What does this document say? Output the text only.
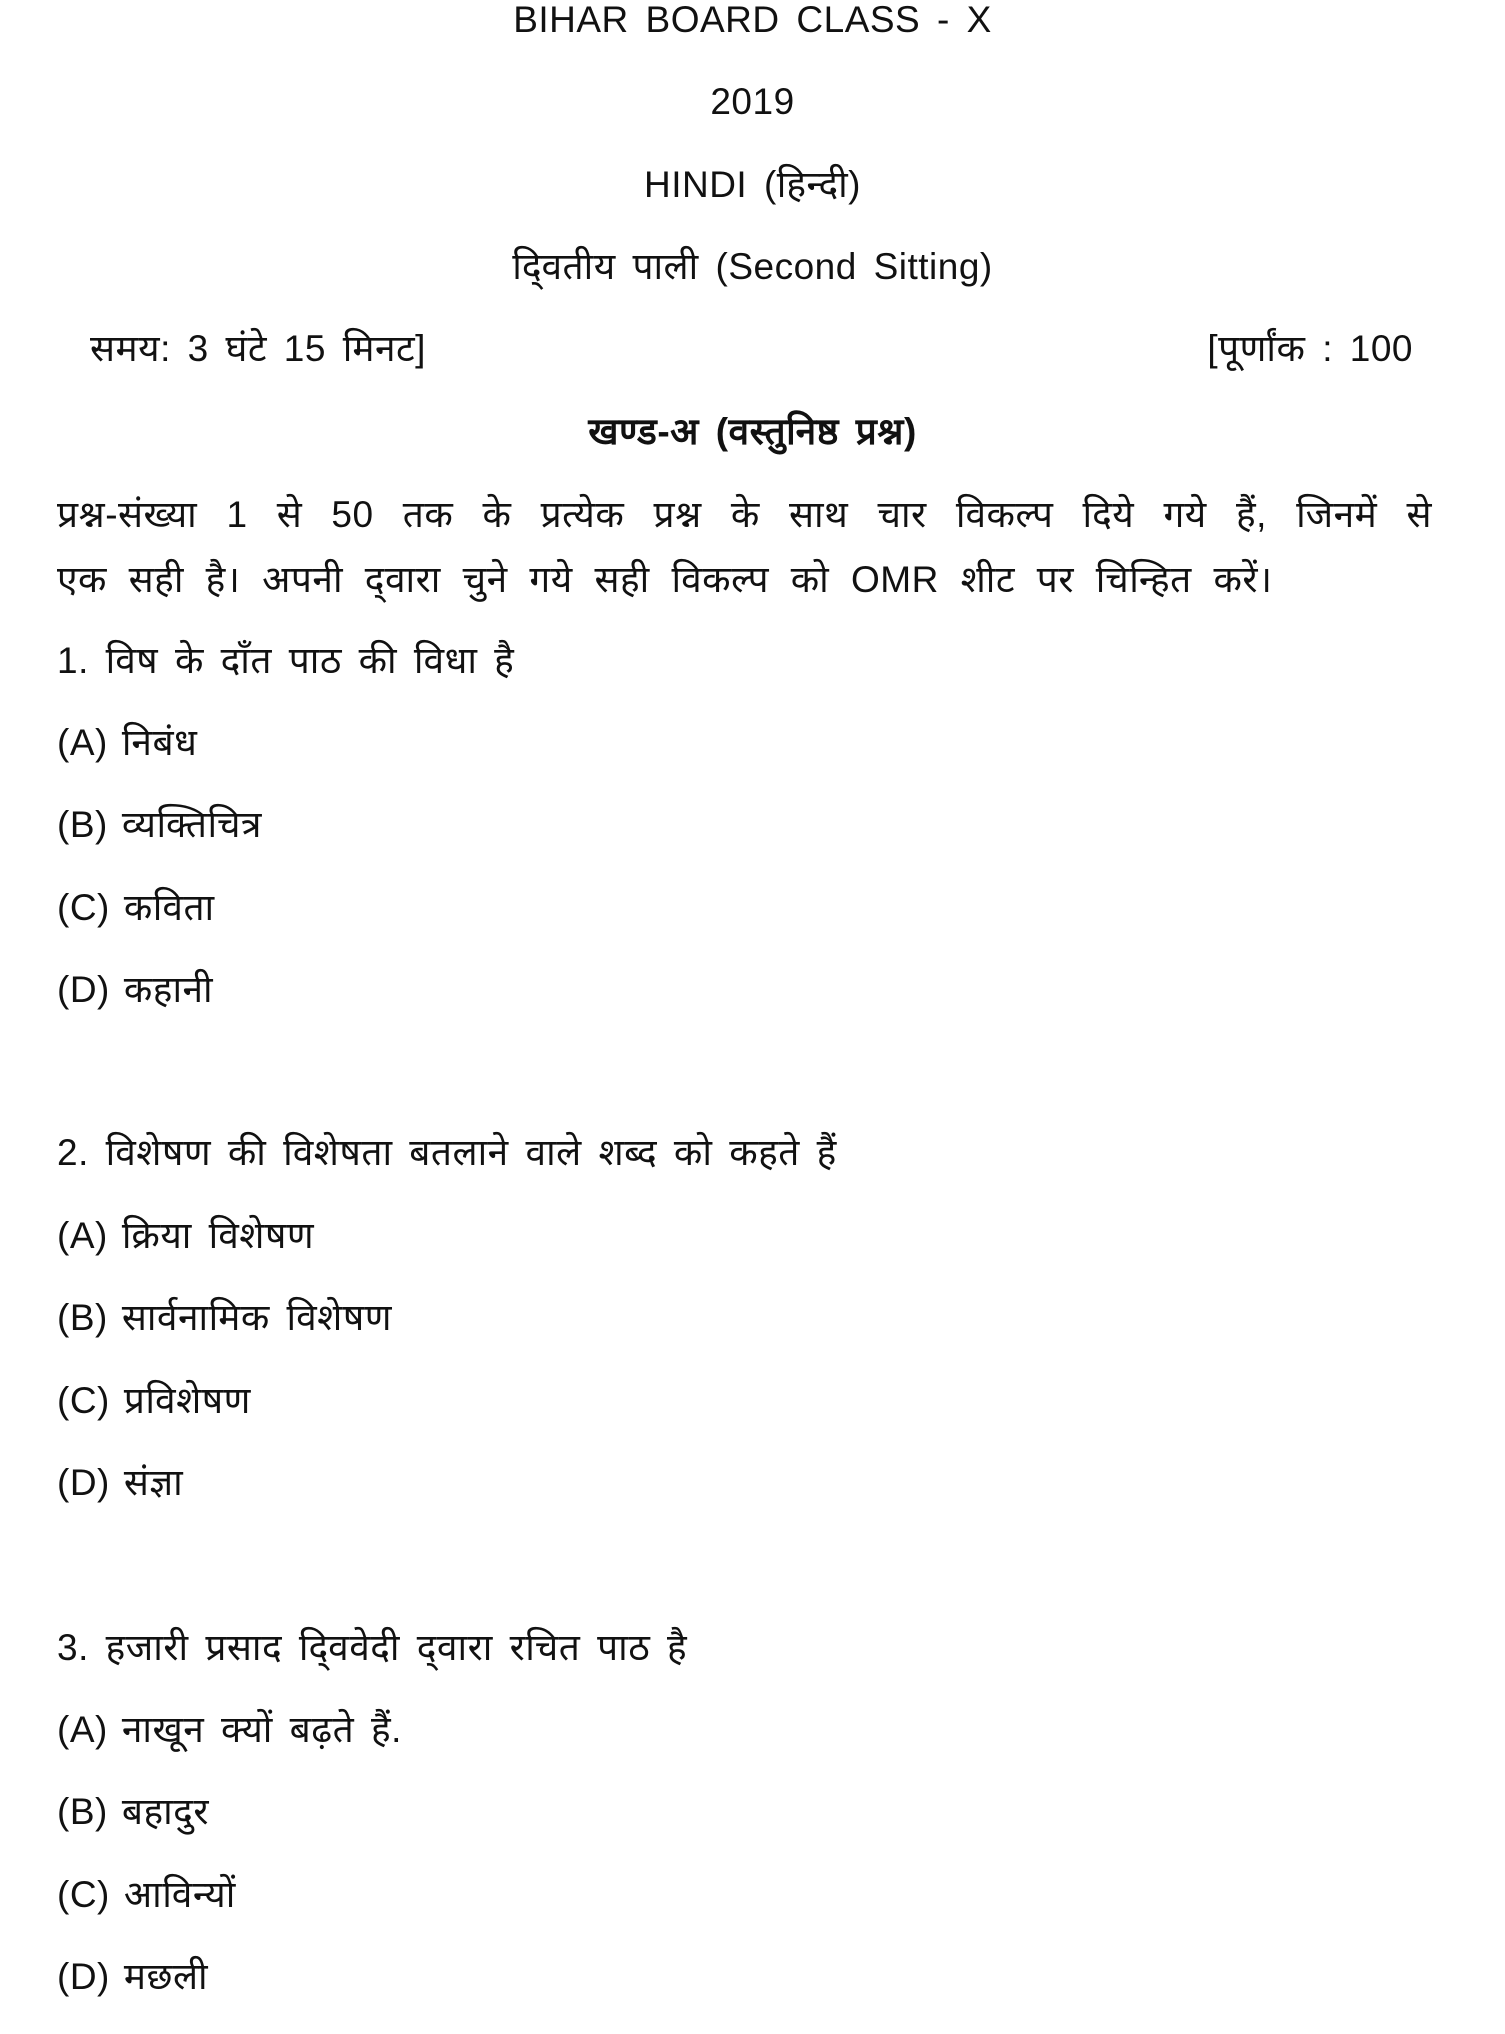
BIHAR BOARD CLASS - X
2019
HINDI (हिन्दी)
द्‍वितीय पाली (Second Sitting)
समय: 3 घंटे 15 मिनट]	[पूर्णांक : 100
खण्ड-अ (वस्तुनिष्ठ प्रश्न)
प्रश्न-संख्या 1 से 50 तक के प्रत्येक प्रश्न के साथ चार विकल्प दिये गये हैं, जिनमें से
एक सही है। अपनी द्‍वारा चुने गये सही विकल्प को OMR शीट पर चिन्हित करें।
1. विष के दाँत पाठ की विधा है
(A) निबंध
(B) व्यक्तिचित्र
(C) कविता
(D) कहानी
2. विशेषण की विशेषता बतलाने वाले शब्द को कहते हैं
(A) क्रिया विशेषण
(B) सार्वनामिक विशेषण
(C) प्रविशेषण
(D) संज्ञा
3. हजारी प्रसाद द्‍विवेदी द्‍वारा रचित पाठ है
(A) नाखून क्यों बढ़ते हैं.
(B) बहादुर
(C) आविन्यों
(D) मछली
